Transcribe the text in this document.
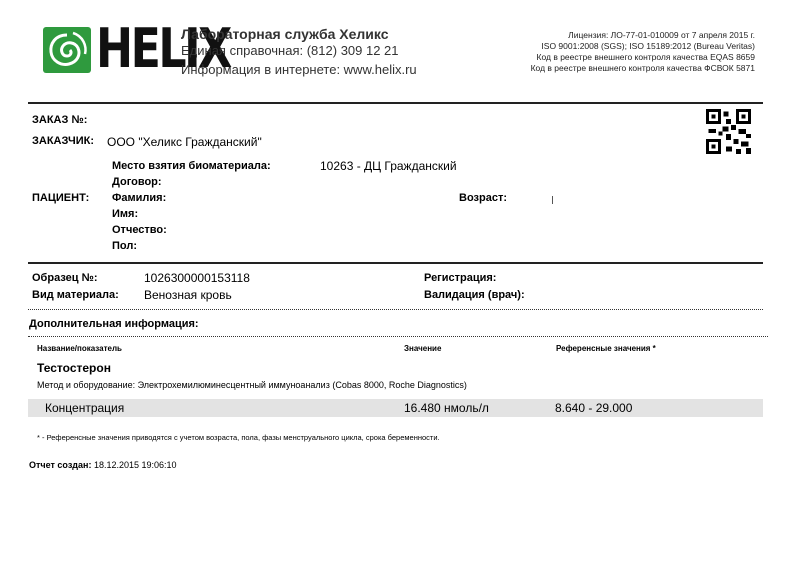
HELIX
Лабораторная служба Хеликс
Единая справочная: (812) 309 12 21
Информация в интернете: www.helix.ru
Лицензия: ЛО-77-01-010009 от 7 апреля 2015 г.
ISO 9001:2008 (SGS); ISO 15189:2012 (Bureau Veritas)
Код в реестре внешнего контроля качества EQAS 8659
Код в реестре внешнего контроля качества ФСВОК 5871
ЗАКАЗ №:
ЗАКАЗЧИК: ООО "Хеликс Гражданский"
Место взятия биоматериала:	10263 - ДЦ Гражданский
Договор:
ПАЦИЕНТ: Фамилия:	Возраст:
Имя:
Отчество:
Пол:
Образец №:	1026300000153118	Регистрация:
Вид материала: Венозная кровь	Валидация (врач):
Дополнительная информация:
Название/показатель	Значение	Референсные значения *
Тестостерон
Метод и оборудование: Электрохемилюминесцентный иммуноанализ (Cobas 8000, Roche Diagnostics)
Концентрация	16.480 нмоль/л	8.640 - 29.000
* - Референсные значения приводятся с учетом возраста, пола, фазы менструального цикла, срока беременности.
Отчет создан: 18.12.2015 19:06:10
